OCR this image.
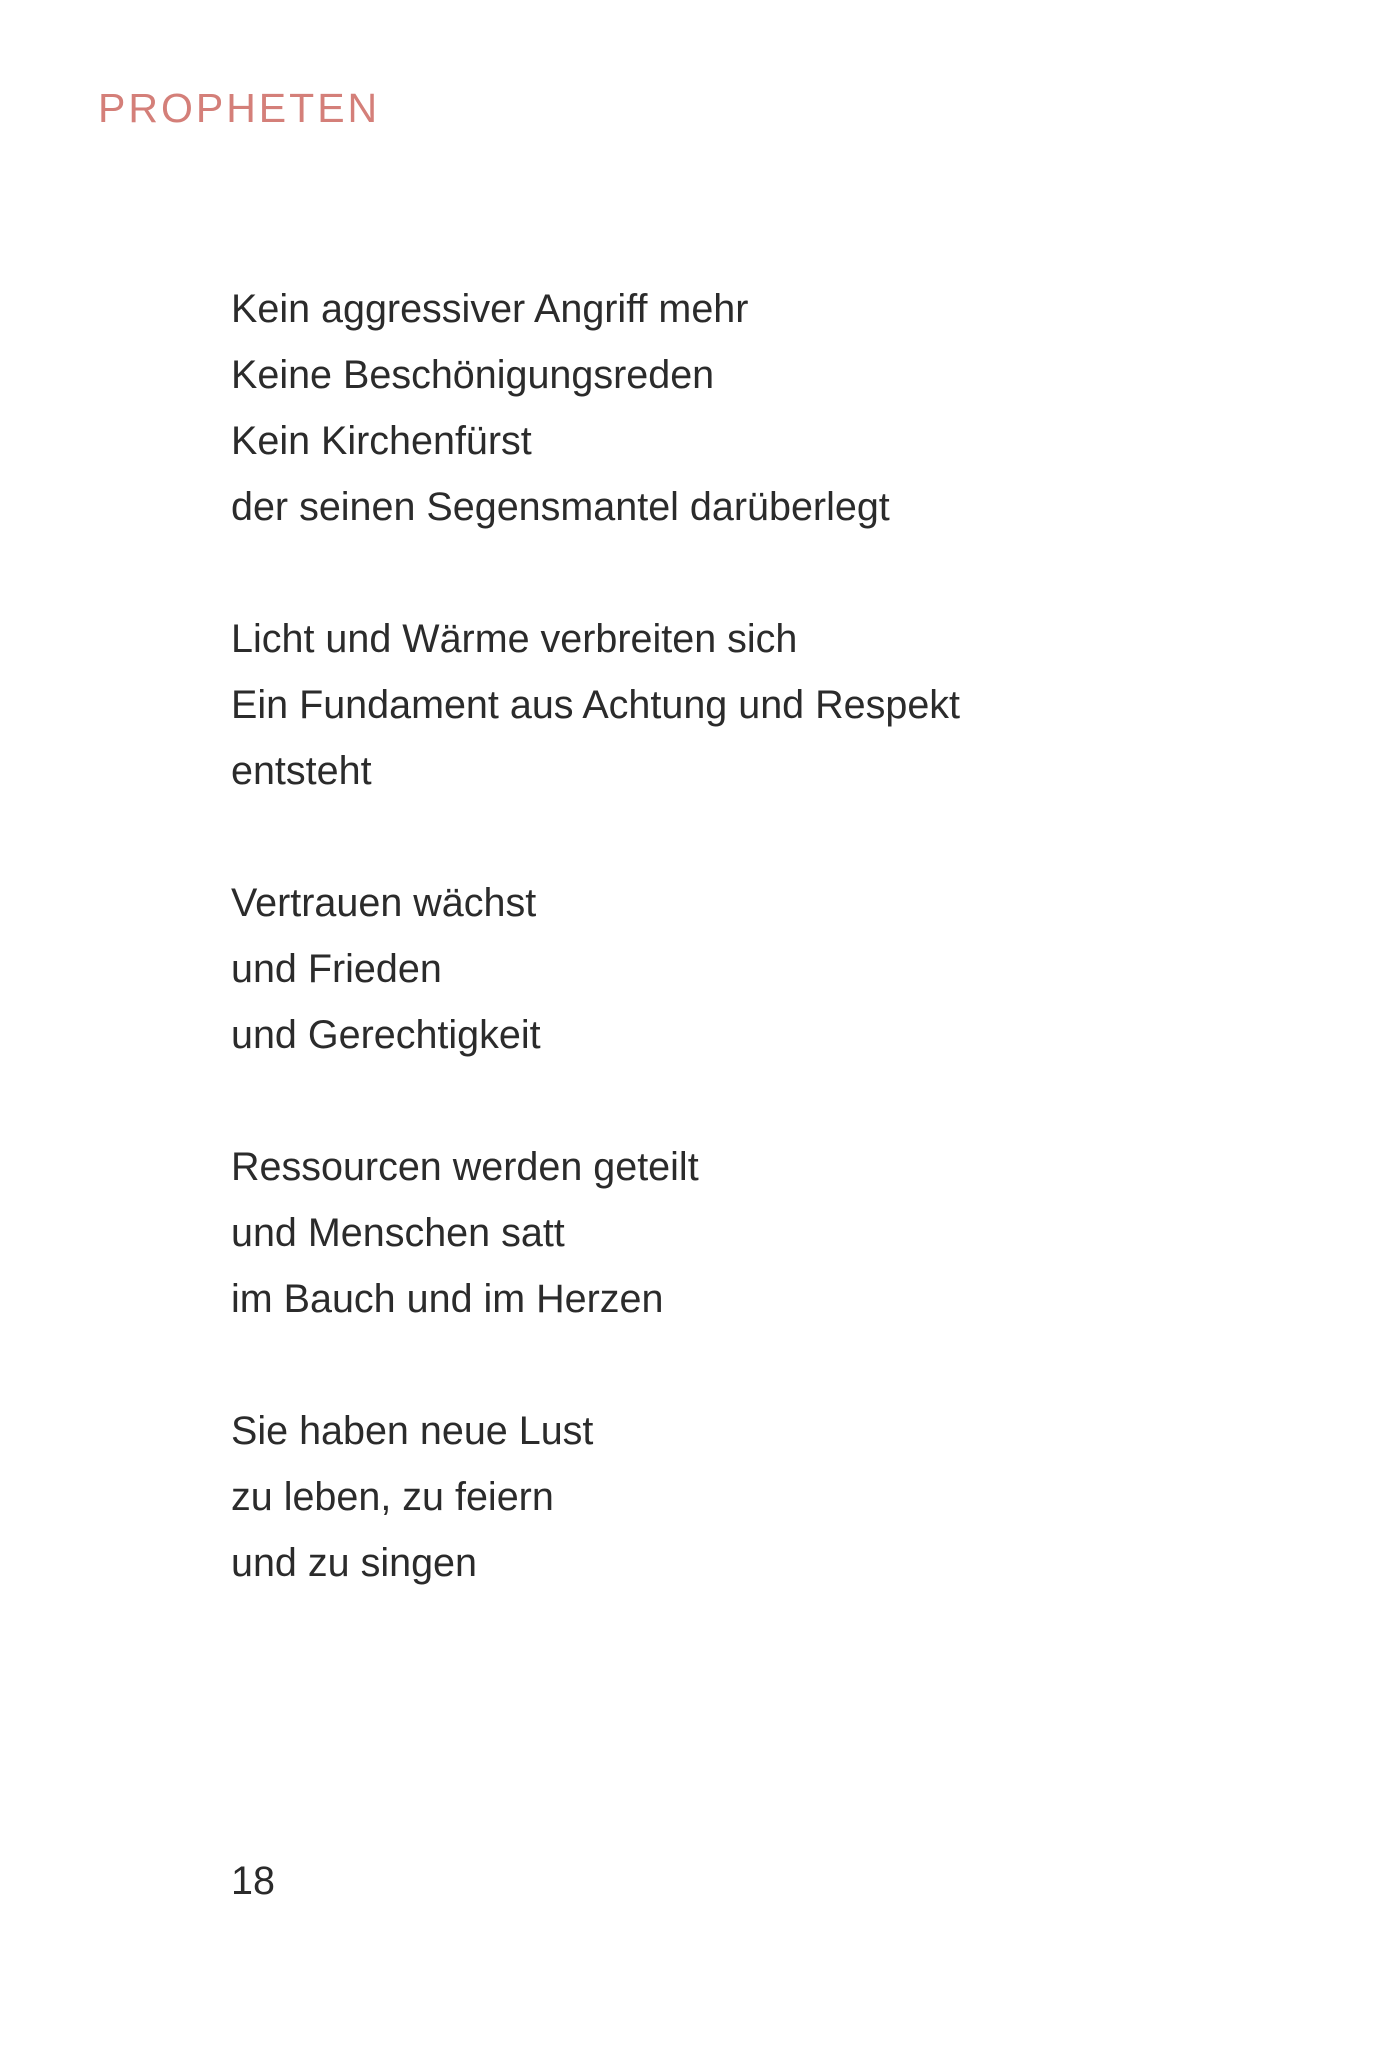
PROPHETEN
Kein aggressiver Angriff mehr
Keine Beschönigungsreden
Kein Kirchenfürst
der seinen Segensmantel darüberlegt
Licht und Wärme verbreiten sich
Ein Fundament aus Achtung und Respekt
entsteht
Vertrauen wächst
und Frieden
und Gerechtigkeit
Ressourcen werden geteilt
und Menschen satt
im Bauch und im Herzen
Sie haben neue Lust
zu leben, zu feiern
und zu singen
18
